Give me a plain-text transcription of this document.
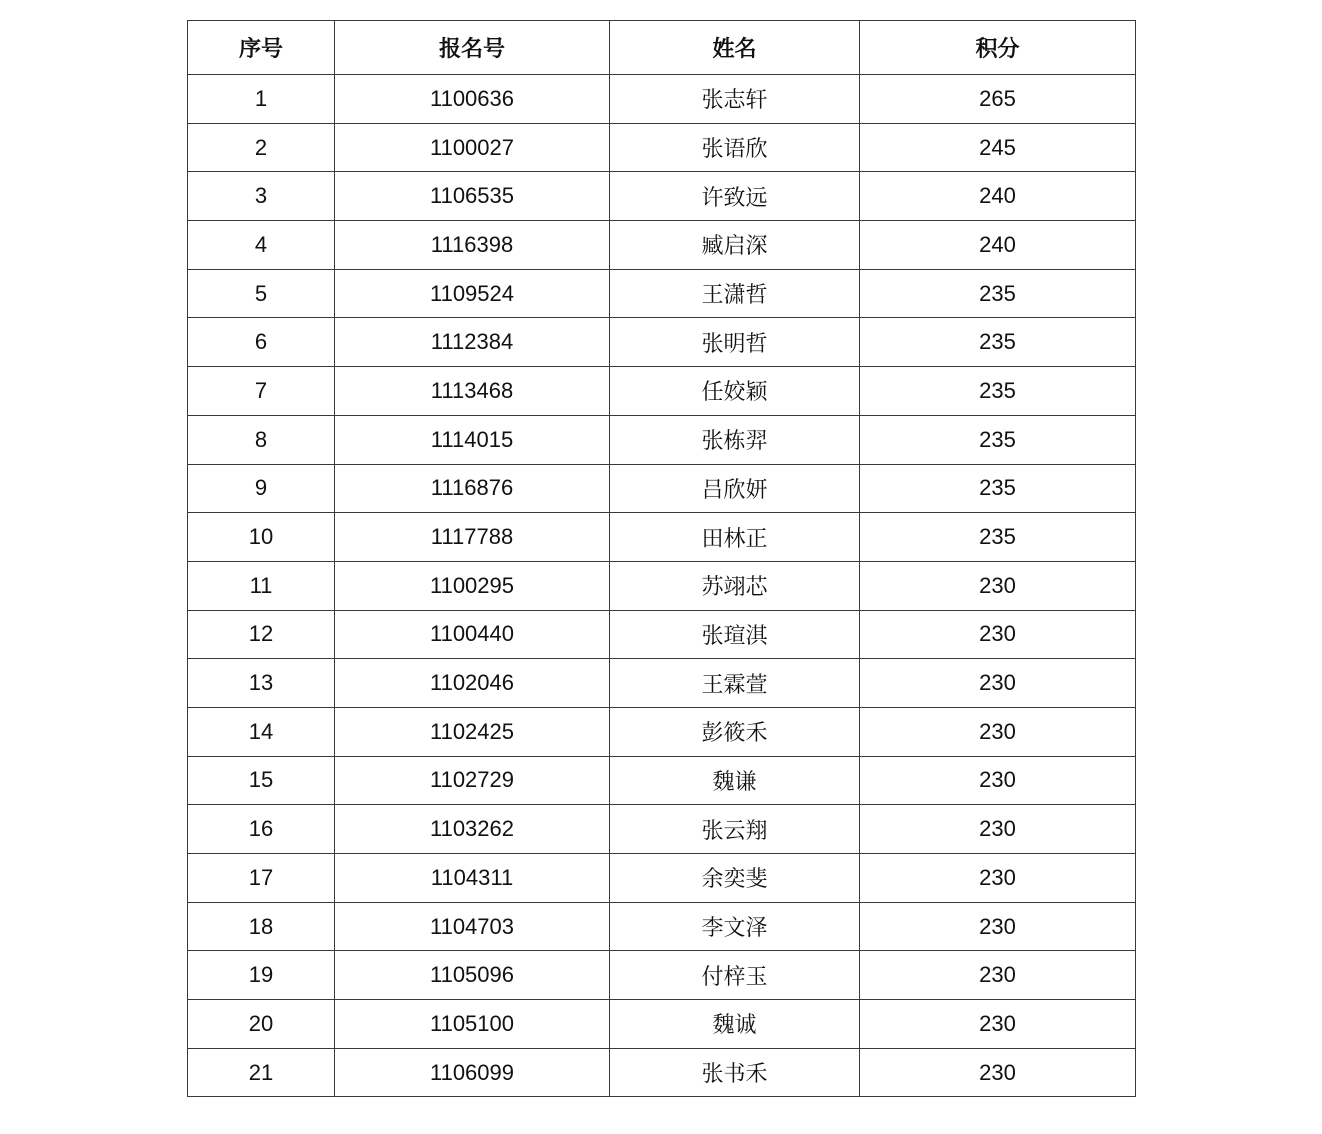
序号	报名号	姓名	积分
1	1100636	张志轩	265
2	1100027	张语欣	245
3	1106535	许致远	240
4	1116398	臧启深	240
5	1109524	王潇哲	235
6	1112384	张明哲	235
7	1113468	任姣颖	235
8	1114015	张栋羿	235
9	1116876	吕欣妍	235
10	1117788	田林正	235
11	1100295	苏翊芯	230
12	1100440	张瑄淇	230
13	1102046	王霖萱	230
14	1102425	彭筱禾	230
15	1102729	魏谦	230
16	1103262	张云翔	230
17	1104311	余奕斐	230
18	1104703	李文泽	230
19	1105096	付梓玉	230
20	1105100	魏诚	230
21	1106099	张书禾	230
